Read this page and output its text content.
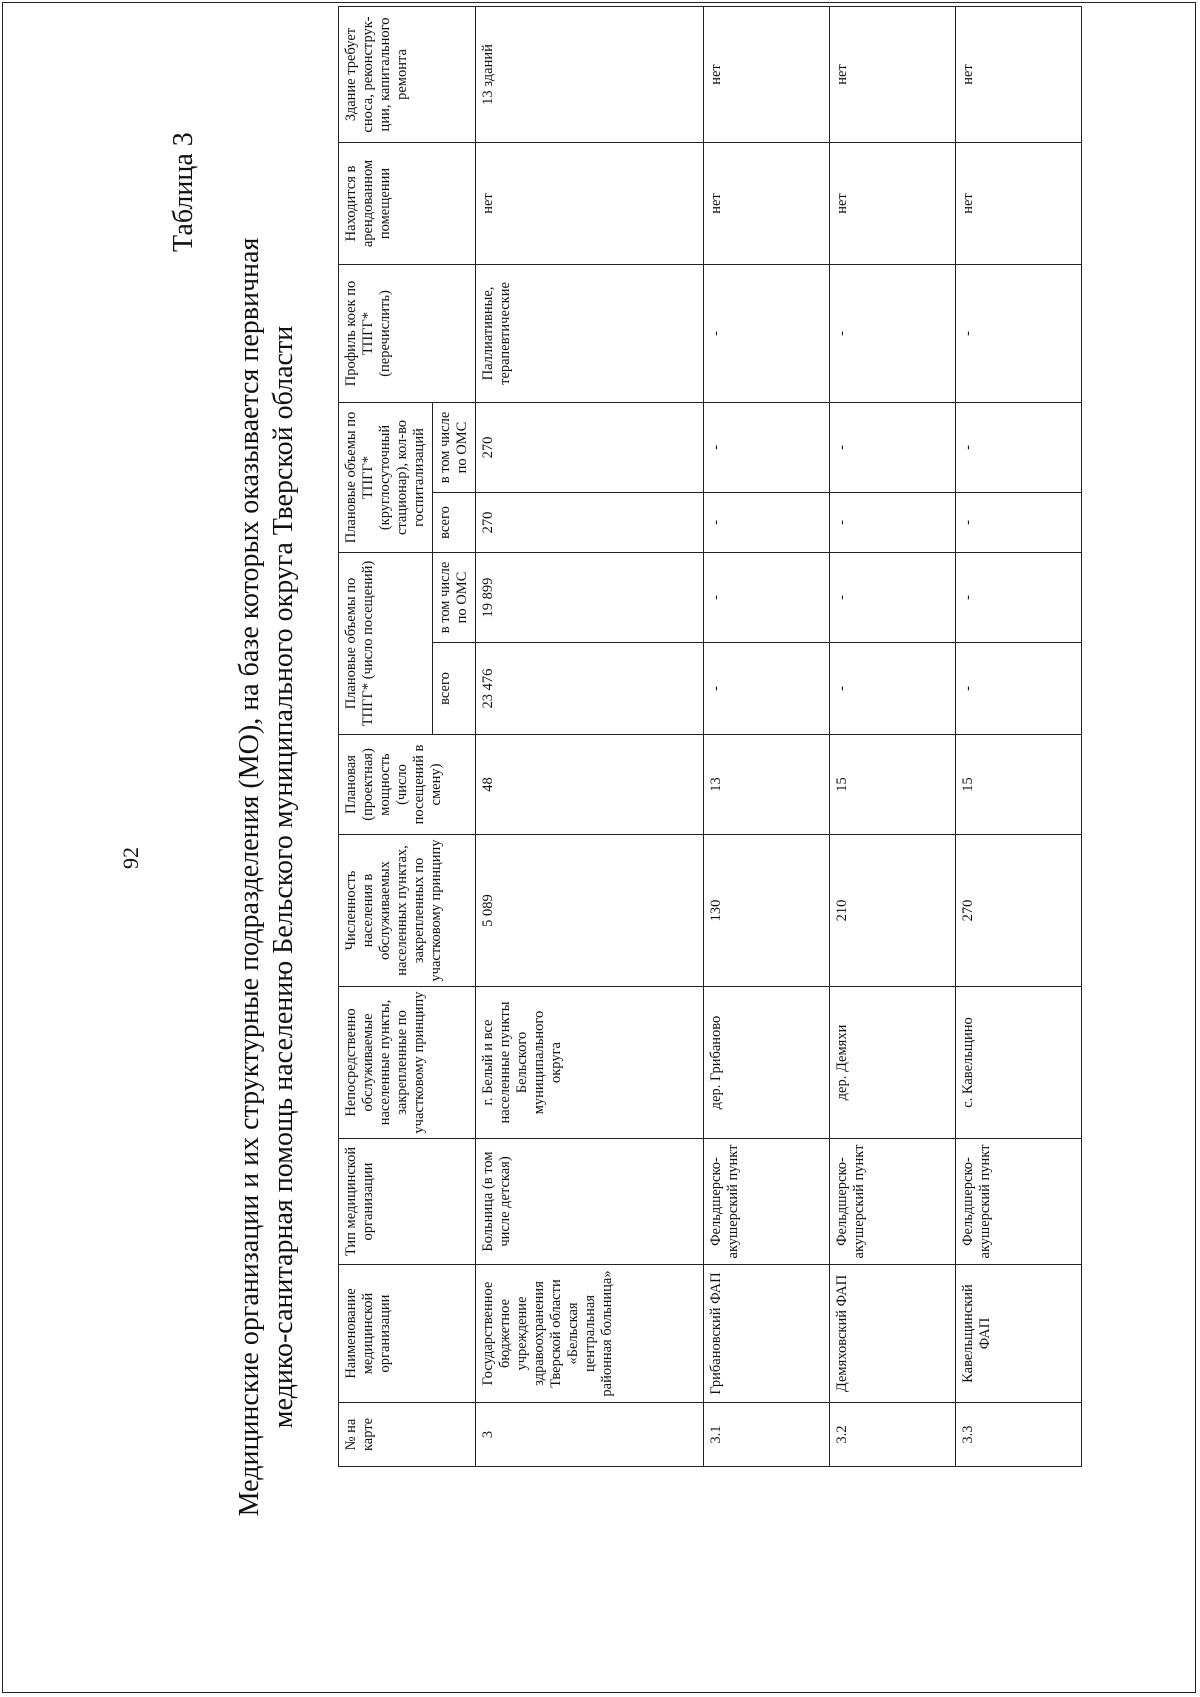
92
Таблица 3
Медицинские организации и их структурные подразделения (МО), на базе которых оказывается первичная медико-санитарная помощь населению Бельского муниципального округа Тверской области
№ на карте	Наименование медицинской организации	Тип медицинской организации	Непосредственно обслуживаемые населенные пункты, закрепленные по участковому принципу	Численность населения в обслуживаемых населенных пунктах, закрепленных по участковому принципу	Плановая (проектная) мощность (число посещений в смену)	Плановые объемы по ТПГГ* (число посещений)		Плановые объемы по ТПГГ* (круглосуточный стационар), кол-во госпитализаций		Профиль коек по ТПГГ* (перечислить)	Находится в арендованном помещении	Здание требует сноса, реконструк-ции, капитального ремонта
						всего	в том числе по ОМС	всего	в том числе по ОМС			
3	Государственное бюджетное учреждение здравоохранения Тверской области «Бельская центральная районная больница»	Больница (в том числе детская)	г. Белый и все населенные пункты Бельского муниципального округа	5 089	48	23 476	19 899	270	270	Паллиативные, терапевтические	нет	13 зданий
3.1	Грибановский ФАП	Фельдшерско-акушерский пункт	дер. Грибаново	130	13	-	-	-	-	-	нет	нет
3.2	Демяховский ФАП	Фельдшерско-акушерский пункт	дер. Демяхи	210	15	-	-	-	-	-	нет	нет
3.3	Кавельщинский ФАП	Фельдшерско-акушерский пункт	с. Кавельщино	270	15	-	-	-	-	-	нет	нет
